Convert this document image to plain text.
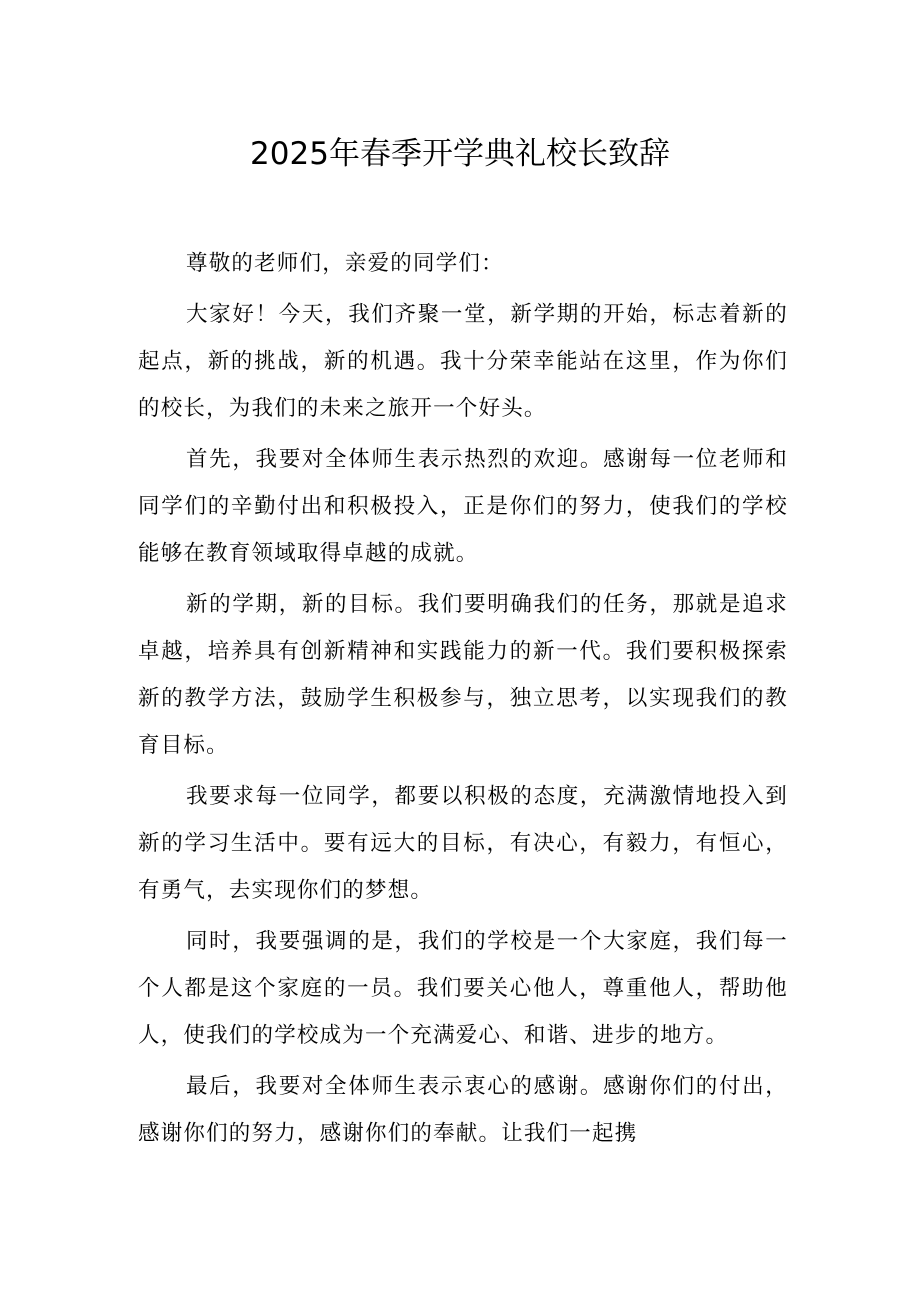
2025年春季开学典礼校长致辞

尊敬的老师们，亲爱的同学们：

大家好！今天，我们齐聚一堂，新学期的开始，标志着新的起点，新的挑战，新的机遇。我十分荣幸能站在这里，作为你们的校长，为我们的未来之旅开一个好头。

首先，我要对全体师生表示热烈的欢迎。感谢每一位老师和同学们的辛勤付出和积极投入，正是你们的努力，使我们的学校能够在教育领域取得卓越的成就。

新的学期，新的目标。我们要明确我们的任务，那就是追求卓越，培养具有创新精神和实践能力的新一代。我们要积极探索新的教学方法，鼓励学生积极参与，独立思考，以实现我们的教育目标。

我要求每一位同学，都要以积极的态度，充满激情地投入到新的学习生活中。要有远大的目标，有决心，有毅力，有恒心，有勇气，去实现你们的梦想。

同时，我要强调的是，我们的学校是一个大家庭，我们每一个人都是这个家庭的一员。我们要关心他人，尊重他人，帮助他人，使我们的学校成为一个充满爱心、和谐、进步的地方。

最后，我要对全体师生表示衷心的感谢。感谢你们的付出，感谢你们的努力，感谢你们的奉献。让我们一起携
